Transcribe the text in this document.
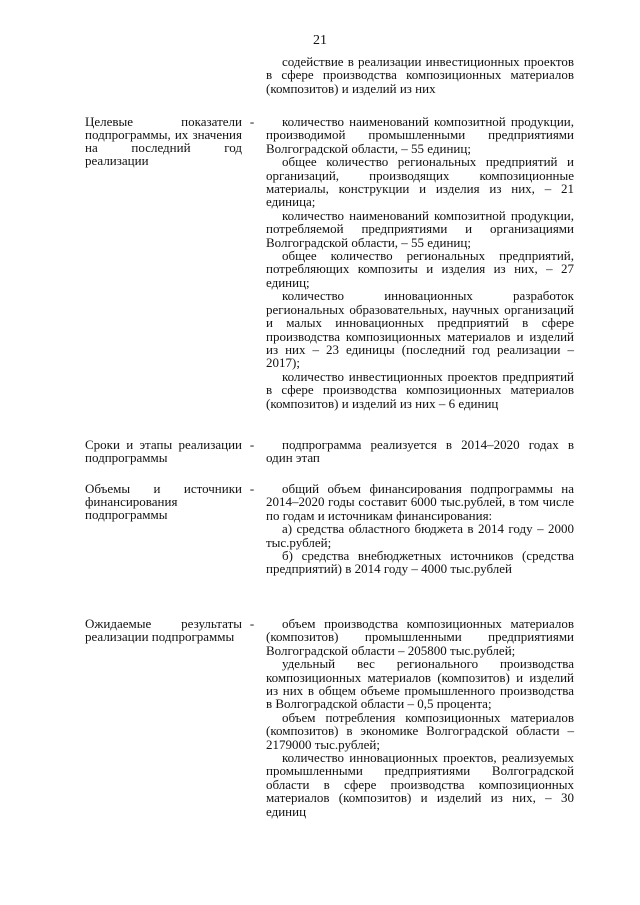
21

содействие в реализации инвестиционных проектов в сфере производства композиционных материалов (композитов) и изделий из них

Целевые показатели подпрограммы, их значения на последний год реализации
-	количество наименований композитной продукции, производимой промышленными предприятиями Волгоградской области, – 55 единиц;

общее количество региональных предприятий и организаций, производящих композиционные материалы, конструкции и изделия из них, – 21 единица;

количество наименований композитной продукции, потребляемой предприятиями и организациями Волгоградской области, – 55 единиц;

общее количество региональных предприятий, потребляющих композиты и изделия из них, – 27 единиц;

количество инновационных разработок региональных образовательных, научных организаций и малых инновационных предприятий в сфере производства композиционных материалов и изделий из них – 23 единицы (последний год реализации – 2017);

количество инвестиционных проектов предприятий в сфере производства композиционных материалов (композитов) и изделий из них – 6 единиц

Сроки и этапы реализации подпрограммы
-	подпрограмма реализуется в 2014–2020 годах в один этап

Объемы и источники финансирования подпрограммы
-	общий объем финансирования подпрограммы на 2014–2020 годы составит 6000 тыс.рублей, в том числе по годам и источникам финансирования:

а) средства областного бюджета в 2014 году – 2000 тыс.рублей;

б) средства внебюджетных источников (средства предприятий) в 2014 году – 4000 тыс.рублей

Ожидаемые результаты реализации подпрограммы
-	объем производства композиционных материалов (композитов) промышленными предприятиями Волгоградской области – 205800 тыс.рублей;

удельный вес регионального производства композиционных материалов (композитов) и изделий из них в общем объеме промышленного производства в Волгоградской области – 0,5 процента;

объем потребления композиционных материалов (композитов) в экономике Волгоградской области – 2179000 тыс.рублей;

количество инновационных проектов, реализуемых промышленными предприятиями Волгоградской области в сфере производства композиционных материалов (композитов) и изделий из них, – 30 единиц
